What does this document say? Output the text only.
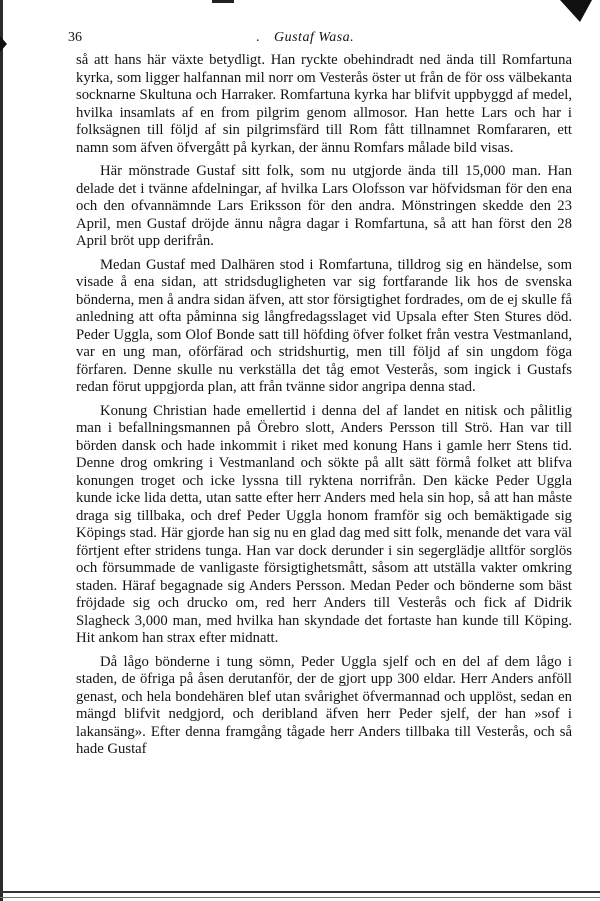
36	. Gustaf Wasa.

så att hans här växte betydligt. Han ryckte obehindradt ned ända till Romfartuna kyrka, som ligger halfannan mil norr om Vesterås öster ut från de för oss välbekanta socknarne Skultuna och Harraker. Romfartuna kyrka har blifvit uppbyggd af medel, hvilka insamlats af en from pilgrim genom allmosor. Han hette Lars och har i folksägnen till följd af sin pilgrimsfärd till Rom fått tillnamnet Romfararen, ett namn som äfven öfvergått på kyrkan, der ännu Romfars målade bild visas.

Här mönstrade Gustaf sitt folk, som nu utgjorde ända till 15,000 man. Han delade det i tvänne afdelningar, af hvilka Lars Olofsson var höfvidsman för den ena och den ofvannämnde Lars Eriksson för den andra. Mönstringen skedde den 23 April, men Gustaf dröjde ännu några dagar i Romfartuna, så att han först den 28 April bröt upp derifrån.

Medan Gustaf med Dalhären stod i Romfartuna, tilldrog sig en händelse, som visade å ena sidan, att stridsdugligheten var sig fortfarande lik hos de svenska bönderna, men å andra sidan äfven, att stor försigtighet fordrades, om de ej skulle få anledning att ofta påminna sig långfredagsslaget vid Upsala efter Sten Stures död. Peder Uggla, som Olof Bonde satt till höfding öfver folket från vestra Vestmanland, var en ung man, oförfärad och stridshurtig, men till följd af sin ungdom föga förfaren. Denne skulle nu verkställa det tåg emot Vesterås, som ingick i Gustafs redan förut uppgjorda plan, att från tvänne sidor angripa denna stad.

Konung Christian hade emellertid i denna del af landet en nitisk och pålitlig man i befallningsmannen på Örebro slott, Anders Persson till Strö. Han var till börden dansk och hade inkommit i riket med konung Hans i gamle herr Stens tid. Denne drog omkring i Vestmanland och sökte på allt sätt förmå folket att blifva konungen troget och icke lyssna till ryktena norrifrån. Den käcke Peder Uggla kunde icke lida detta, utan satte efter herr Anders med hela sin hop, så att han måste draga sig tillbaka, och dref Peder Uggla honom framför sig och bemäktigade sig Köpings stad. Här gjorde han sig nu en glad dag med sitt folk, menande det vara väl förtjent efter stridens tunga. Han var dock derunder i sin segerglädje alltför sorglös och försummade de vanligaste försigtighetsmått, såsom att utställa vakter omkring staden. Häraf begagnade sig Anders Persson. Medan Peder och bönderne som bäst fröjdade sig och drucko om, red herr Anders till Vesterås och fick af Didrik Slagheck 3,000 man, med hvilka han skyndade det fortaste han kunde till Köping. Hit ankom han strax efter midnatt.

Då lågo bönderne i tung sömn, Peder Uggla sjelf och en del af dem lågo i staden, de öfriga på åsen derutanför, der de gjort upp 300 eldar. Herr Anders anföll genast, och hela bondehären blef utan svårighet öfvermannad och upplöst, sedan en mängd blifvit nedgjord, och deribland äfven herr Peder sjelf, der han »sof i lakansäng». Efter denna framgång tågade herr Anders tillbaka till Vesterås, och så hade Gustaf
